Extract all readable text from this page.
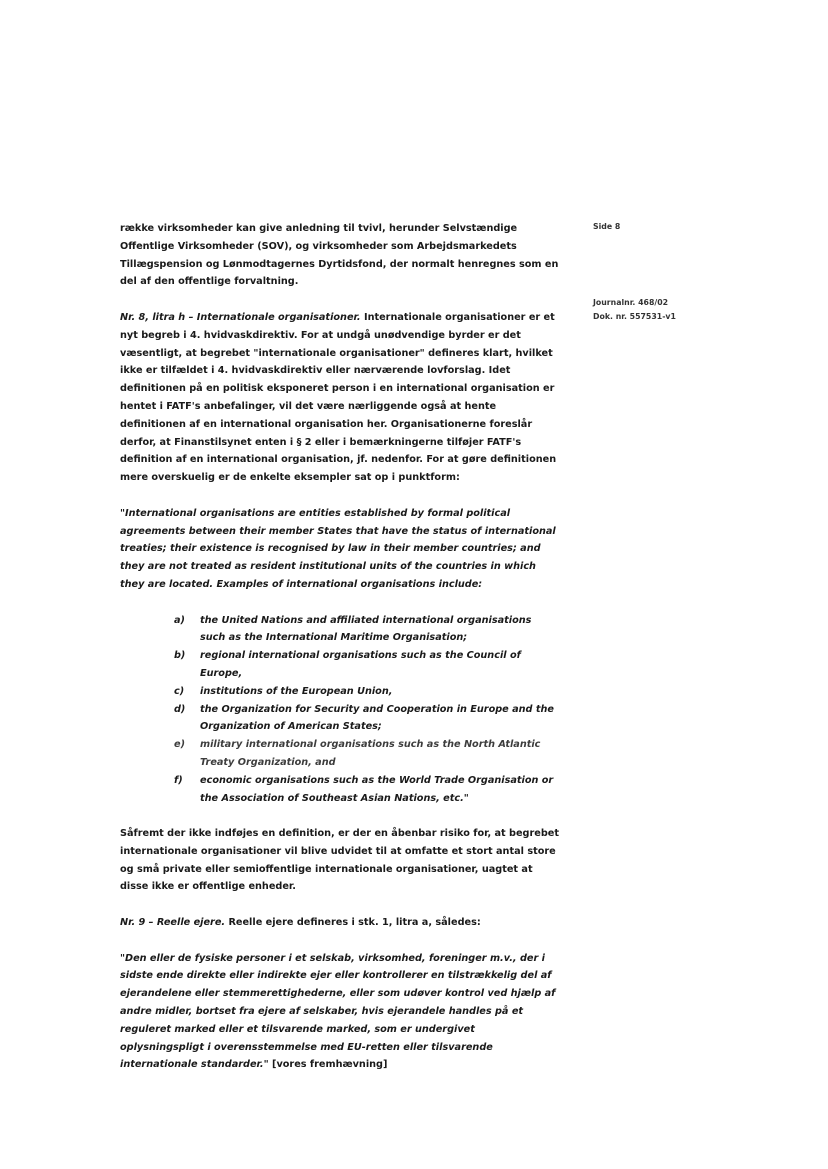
Side 8
Journalnr. 468/02
Dok. nr. 557531-v1

række virksomheder kan give anledning til tvivl, herunder Selvstændige Offentlige Virksomheder (SOV), og virksomheder som Arbejdsmarkedets Tillægspension og Lønmodtagernes Dyrtidsfond, der normalt henregnes som en del af den offentlige forvaltning.

Nr. 8, litra h – Internationale organisationer. Internationale organisationer er et nyt begreb i 4. hvidvaskdirektiv. For at undgå unødvendige byrder er det væsentligt, at begrebet "internationale organisationer" defineres klart, hvilket ikke er tilfældet i 4. hvidvaskdirektiv eller nærværende lovforslag. Idet definitionen på en politisk eksponeret person i en international organisation er hentet i FATF's anbefalinger, vil det være nærliggende også at hente definitionen af en international organisation her. Organisationerne foreslår derfor, at Finanstilsynet enten i § 2 eller i bemærkningerne tilføjer FATF's definition af en international organisation, jf. nedenfor. For at gøre definitionen mere overskuelig er de enkelte eksempler sat op i punktform:

"International organisations are entities established by formal political agreements between their member States that have the status of international treaties; their existence is recognised by law in their member countries; and they are not treated as resident institutional units of the countries in which they are located. Examples of international organisations include:

a) the United Nations and affiliated international organisations such as the International Maritime Organisation;
b) regional international organisations such as the Council of Europe,
c) institutions of the European Union,
d) the Organization for Security and Cooperation in Europe and the Organization of American States;
e) military international organisations such as the North Atlantic Treaty Organization, and
f) economic organisations such as the World Trade Organisation or the Association of Southeast Asian Nations, etc."

Såfremt der ikke indføjes en definition, er der en åbenbar risiko for, at begrebet internationale organisationer vil blive udvidet til at omfatte et stort antal store og små private eller semioffentlige internationale organisationer, uagtet at disse ikke er offentlige enheder.

Nr. 9 – Reelle ejere. Reelle ejere defineres i stk. 1, litra a, således:

"Den eller de fysiske personer i et selskab, virksomhed, foreninger m.v., der i sidste ende direkte eller indirekte ejer eller kontrollerer en tilstrækkelig del af ejerandelene eller stemmerettighederne, eller som udøver kontrol ved hjælp af andre midler, bortset fra ejere af selskaber, hvis ejerandele handles på et reguleret marked eller et tilsvarende marked, som er undergivet oplysningspligt i overensstemmelse med EU-retten eller tilsvarende internationale standarder." [vores fremhævning]
